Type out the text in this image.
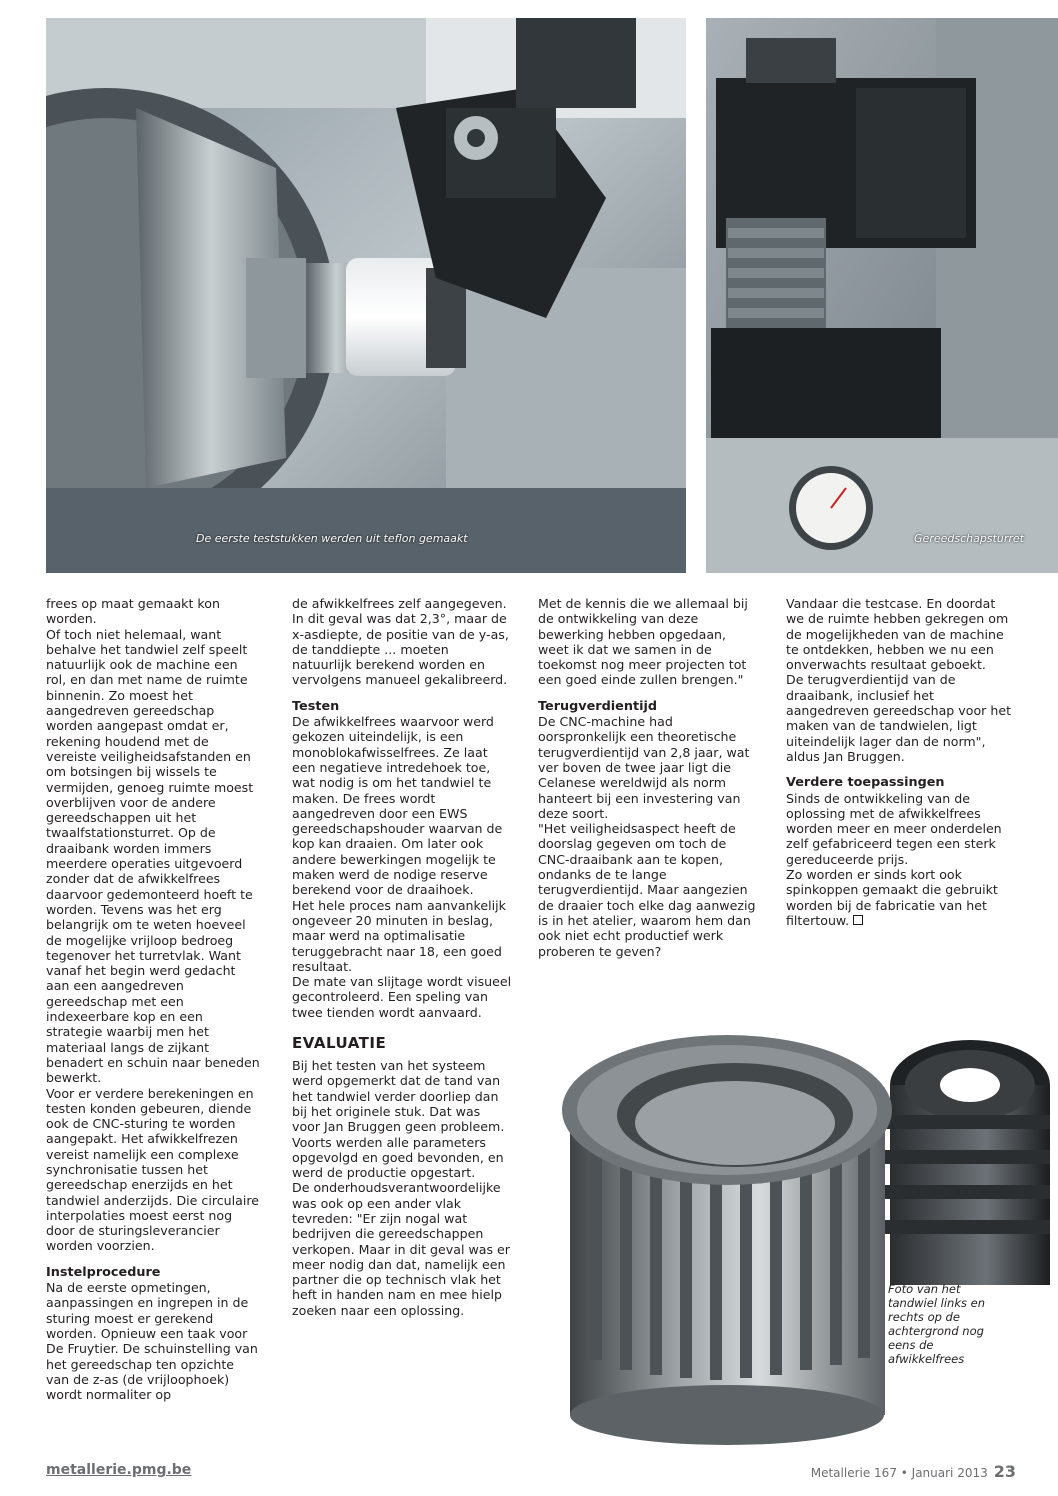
De eerste teststukken werden uit teflon gemaakt	Gereedschapsturret

frees op maat gemaakt kon worden.

Of toch niet helemaal, want behalve het tandwiel zelf speelt natuurlijk ook de machine een rol, en dan met name de ruimte binnenin. Zo moest het aangedreven gereedschap worden aangepast omdat er, rekening houdend met de vereiste veiligheidsafstanden en om botsingen bij wissels te vermijden, genoeg ruimte moest overblijven voor de andere gereedschappen uit het twaalfstationsturret. Op de draaibank worden immers meerdere operaties uitgevoerd zonder dat de afwikkelfrees daarvoor gedemonteerd hoeft te worden. Tevens was het erg belangrijk om te weten hoeveel de mogelijke vrijloop bedroeg tegenover het turretvlak. Want vanaf het begin werd gedacht aan een aangedreven gereedschap met een indexeerbare kop en een strategie waarbij men het materiaal langs de zijkant benadert en schuin naar beneden bewerkt.

Voor er verdere berekeningen en testen konden gebeuren, diende ook de CNC-sturing te worden aangepakt. Het afwikkelfrezen vereist namelijk een complexe synchronisatie tussen het gereedschap enerzijds en het tandwiel anderzijds. Die circulaire interpolaties moest eerst nog door de sturingsleverancier worden voorzien.

Instelprocedure

Na de eerste opmetingen, aanpassingen en ingrepen in de sturing moest er gerekend worden. Opnieuw een taak voor De Fruytier. De schuinstelling van het gereedschap ten opzichte van de z-as (de vrijloophoek) wordt normaliter op

de afwikkelfrees zelf aangegeven. In dit geval was dat 2,3°, maar de x-asdiepte, de positie van de y-as, de tanddiepte ... moeten natuurlijk berekend worden en vervolgens manueel gekalibreerd.

Testen

De afwikkelfrees waarvoor werd gekozen uiteindelijk, is een monoblokafwisselfrees. Ze laat een negatieve intredehoek toe, wat nodig is om het tandwiel te maken. De frees wordt aangedreven door een EWS gereedschapshouder waarvan de kop kan draaien. Om later ook andere bewerkingen mogelijk te maken werd de nodige reserve berekend voor de draaihoek.

Het hele proces nam aanvankelijk ongeveer 20 minuten in beslag, maar werd na optimalisatie teruggebracht naar 18, een goed resultaat.

De mate van slijtage wordt visueel gecontroleerd. Een speling van twee tienden wordt aanvaard.

EVALUATIE

Bij het testen van het systeem werd opgemerkt dat de tand van het tandwiel verder doorliep dan bij het originele stuk. Dat was voor Jan Bruggen geen probleem. Voorts werden alle parameters opgevolgd en goed bevonden, en werd de productie opgestart.

De onderhoudsverantwoordelijke was ook op een ander vlak tevreden: "Er zijn nogal wat bedrijven die gereedschappen verkopen. Maar in dit geval was er meer nodig dan dat, namelijk een partner die op technisch vlak het heft in handen nam en mee hielp zoeken naar een oplossing.

Met de kennis die we allemaal bij de ontwikkeling van deze bewerking hebben opgedaan, weet ik dat we samen in de toekomst nog meer projecten tot een goed einde zullen brengen."

Terugverdientijd

De CNC-machine had oorspronkelijk een theoretische terugverdientijd van 2,8 jaar, wat ver boven de twee jaar ligt die Celanese wereldwijd als norm hanteert bij een investering van deze soort.

"Het veiligheidsaspect heeft de doorslag gegeven om toch de CNC-draaibank aan te kopen, ondanks de te lange terugverdientijd. Maar aangezien de draaier toch elke dag aanwezig is in het atelier, waarom hem dan ook niet echt productief werk proberen te geven?

Vandaar die testcase. En doordat we de ruimte hebben gekregen om de mogelijkheden van de machine te ontdekken, hebben we nu een onverwachts resultaat geboekt.

De terugverdientijd van de draaibank, inclusief het aangedreven gereedschap voor het maken van de tandwielen, ligt uiteindelijk lager dan de norm", aldus Jan Bruggen.

Verdere toepassingen

Sinds de ontwikkeling van de oplossing met de afwikkelfrees worden meer en meer onderdelen zelf gefabriceerd tegen een sterk gereduceerde prijs.

Zo worden er sinds kort ook spinkoppen gemaakt die gebruikt worden bij de fabricatie van het filtertouw.

Foto van het tandwiel links en rechts op de achtergrond nog eens de afwikkelfrees
metallerie.pmg.be	Metallerie 167 • Januari 2013 23
